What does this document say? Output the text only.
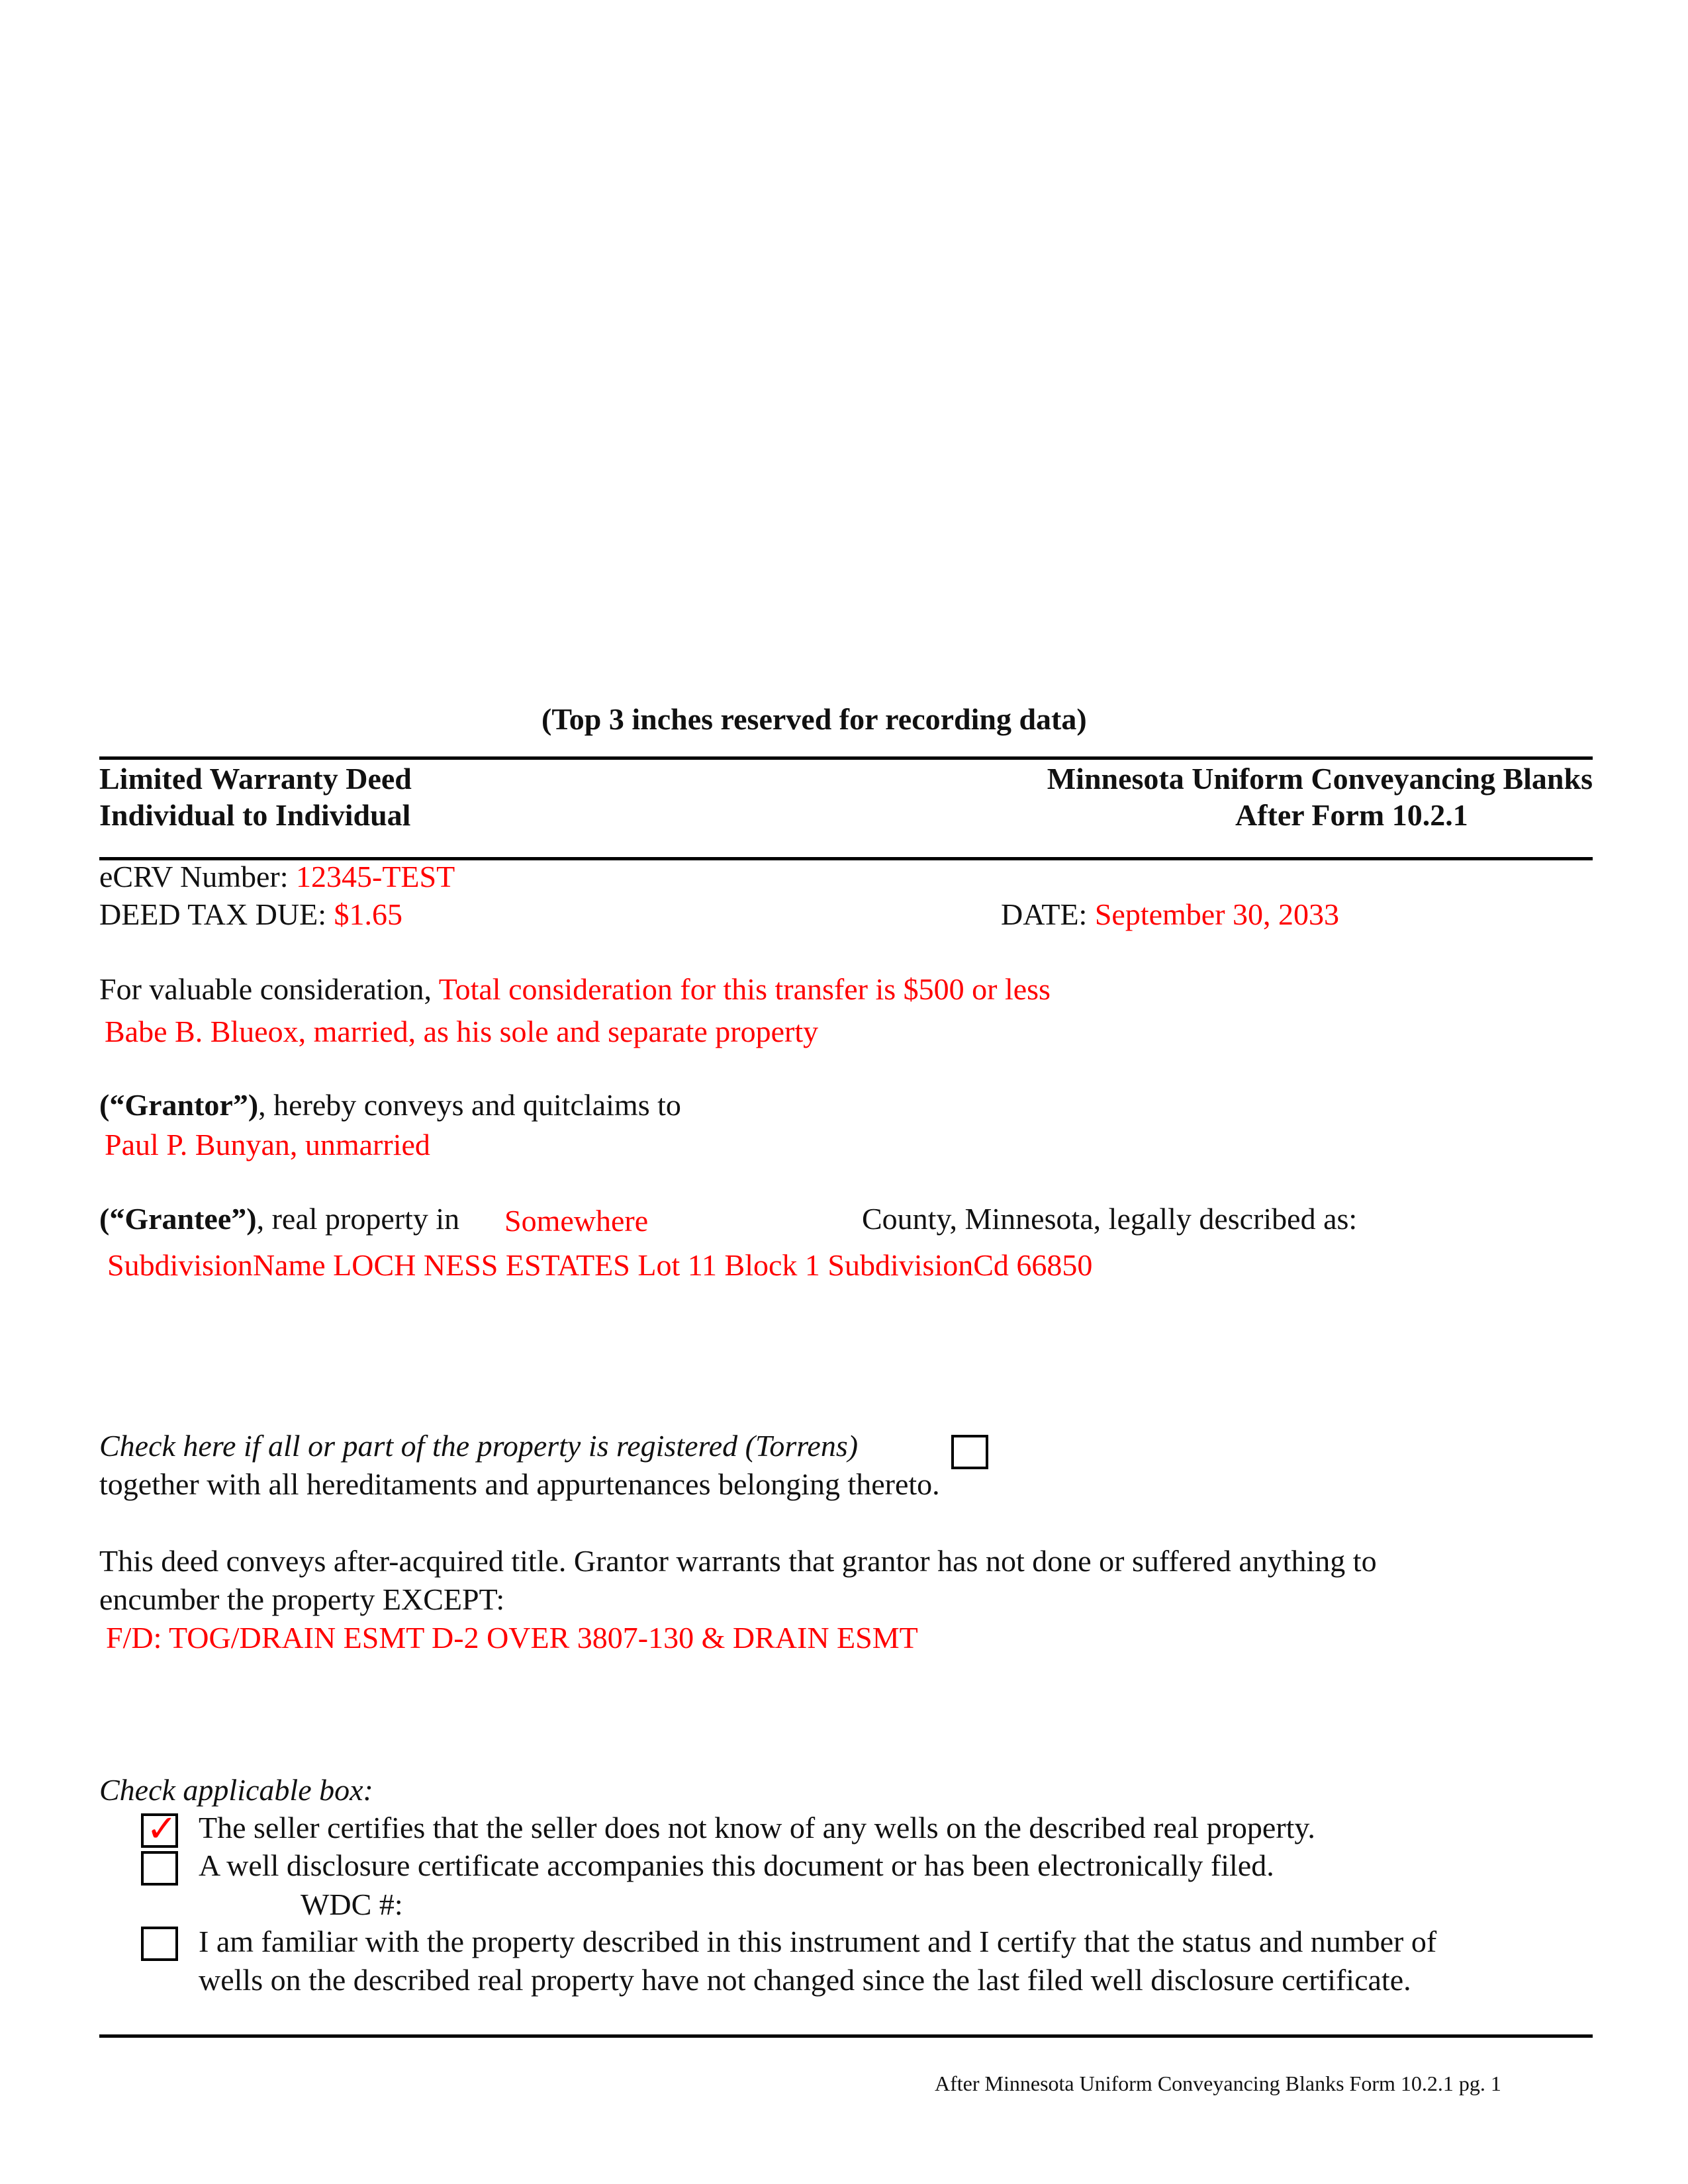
(Top 3 inches reserved for recording data)
Limited Warranty Deed
Individual to Individual
Minnesota Uniform Conveyancing Blanks
After Form 10.2.1
eCRV Number: 12345-TEST
DEED TAX DUE: $1.65	DATE: September 30, 2033
For valuable consideration, Total consideration for this transfer is $500 or less
Babe B. Blueox, married, as his sole and separate property
(“Grantor”), hereby conveys and quitclaims to
Paul P. Bunyan, unmarried
(“Grantee”), real property in Somewhere	County, Minnesota, legally described as:
SubdivisionName LOCH NESS ESTATES Lot 11 Block 1 SubdivisionCd 66850
Check here if all or part of the property is registered (Torrens)
together with all hereditaments and appurtenances belonging thereto.
This deed conveys after-acquired title. Grantor warrants that grantor has not done or suffered anything to
encumber the property EXCEPT:
F/D: TOG/DRAIN ESMT D-2 OVER 3807-130 & DRAIN ESMT
Check applicable box:
✓ The seller certifies that the seller does not know of any wells on the described real property.
A well disclosure certificate accompanies this document or has been electronically filed.
WDC #:
I am familiar with the property described in this instrument and I certify that the status and number of
wells on the described real property have not changed since the last filed well disclosure certificate.
After Minnesota Uniform Conveyancing Blanks Form 10.2.1 pg. 1
